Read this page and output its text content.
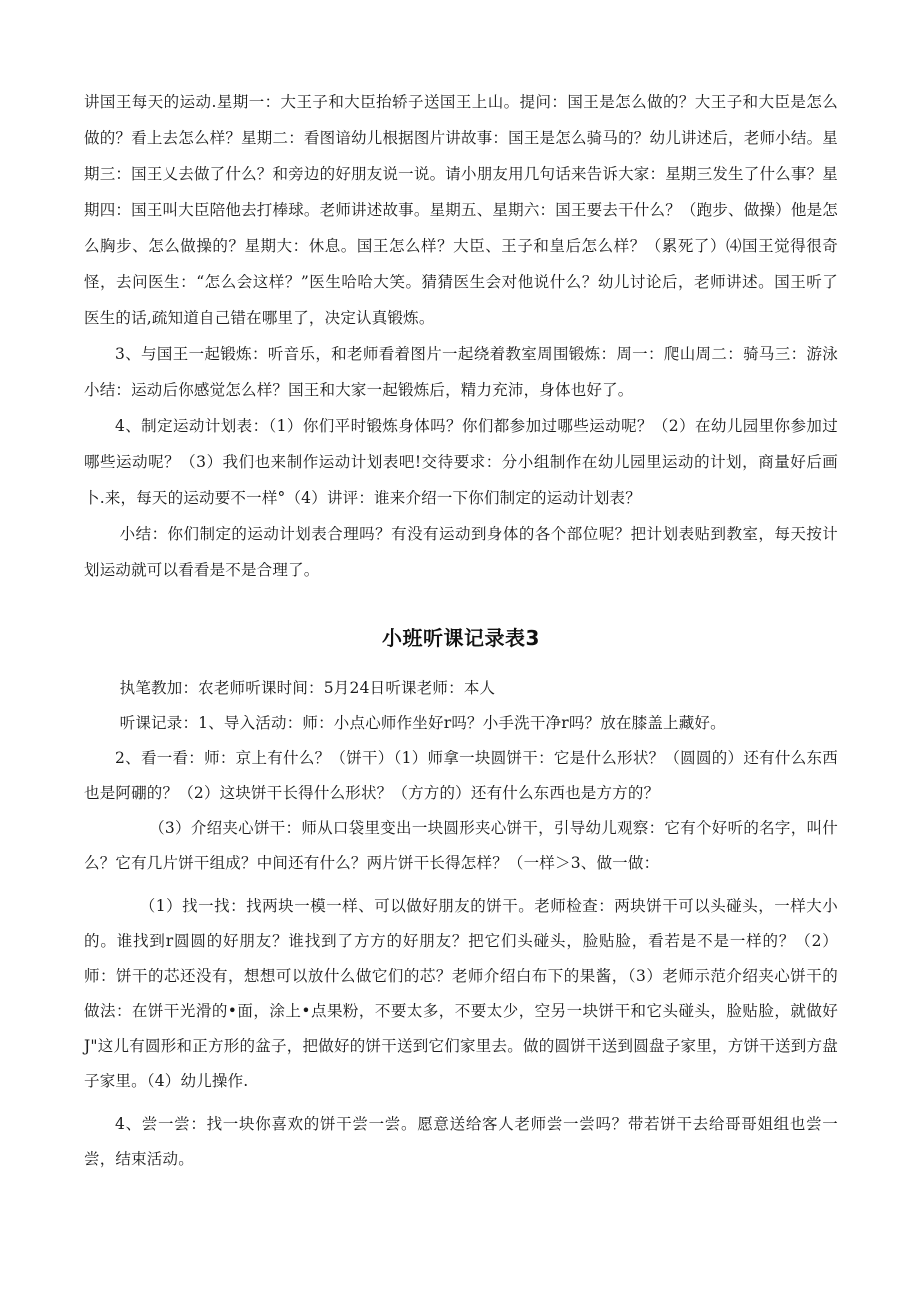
讲国王每天的运动.星期一：大王子和大臣抬轿子送国王上山。提问：国王是怎么做的？大王子和大臣是怎么做的？看上去怎么样？星期二：看图谙幼儿根据图片讲故事：国王是怎么骑马的？幼儿讲述后，老师小结。星期三：国王乂去做了什么？和旁边的好朋友说一说。请小朋友用几句话来告诉大家：星期三发生了什么事？星期四：国王叫大臣陪他去打棒球。老师讲述故事。星期五、星期六：国王要去干什么？（跑步、做操）他是怎么胸步、怎么做操的？星期大：休息。国王怎么样？大臣、王子和皇后怎么样？（累死了）⑷国王觉得很奇怪，去问医生：“怎么会这样？”医生哈哈大笑。猜猜医生会对他说什么？幼儿讨论后，老师讲述。国王听了医生的话,疏知道自己错在哪里了，决定认真锻炼。

3、与国王一起锻炼：听音乐，和老师看着图片一起绕着教室周围锻炼：周一：爬山周二：骑马三：游泳小结：运动后你感觉怎么样？国王和大家一起锻炼后，精力充沛，身体也好了。

4、制定运动计划表：（1）你们平时锻炼身体吗？你们都参加过哪些运动呢？（2）在幼儿园里你参加过哪些运动呢？（3）我们也来制作运动计划表吧!交待要求：分小组制作在幼儿园里运动的计划，商量好后画卜.来，每天的运动要不一样°（4）讲评：谁来介绍一下你们制定的运动计划表？

小结：你们制定的运动计划表合理吗？有没有运动到身体的各个部位呢？把计划表贴到教室，每天按计划运动就可以看看是不是合理了。

小班听课记录表3

执笔教加：农老师听课时间：5月24日听课老师：本人

听课记录：1、导入活动：师：小点心师作坐好r吗？小手洗干净r吗？放在膝盖上藏好。

2、看一看：师：京上有什么？（饼干）（1）师拿一块圆饼干：它是什么形状？（圆圆的）还有什么东西也是阿硼的？（2）这块饼干长得什么形状？（方方的）还有什么东西也是方方的？

（3）介绍夹心饼干：师从口袋里变出一块圆形夹心饼干，引导幼儿观察：它有个好听的名字，叫什么？它有几片饼干组成？中间还有什么？两片饼干长得怎样？（一样＞3、做一做：

（1）找一找：找两块一模一样、可以做好朋友的饼干。老师检查：两块饼干可以头碰头，一样大小的。谁找到r圆圆的好朋友？谁找到了方方的好朋友？把它们头碰头，脸贴脸，看若是不是一样的？（2）师：饼干的芯还没有，想想可以放什么做它们的芯？老师介绍白布下的果酱，（3）老师示范介绍夹心饼干的做法：在饼干光滑的•面，涂上•点果粉，不要太多，不要太少，空另一块饼干和它头碰头，脸贴脸，就做好J"这儿有圆形和正方形的盆子，把做好的饼干送到它们家里去。做的圆饼干送到圆盘子家里，方饼干送到方盘子家里。（4）幼儿操作.

4、尝一尝：找一块你喜欢的饼干尝一尝。愿意送给客人老师尝一尝吗？带若饼干去给哥哥姐组也尝一尝，结束活动。
